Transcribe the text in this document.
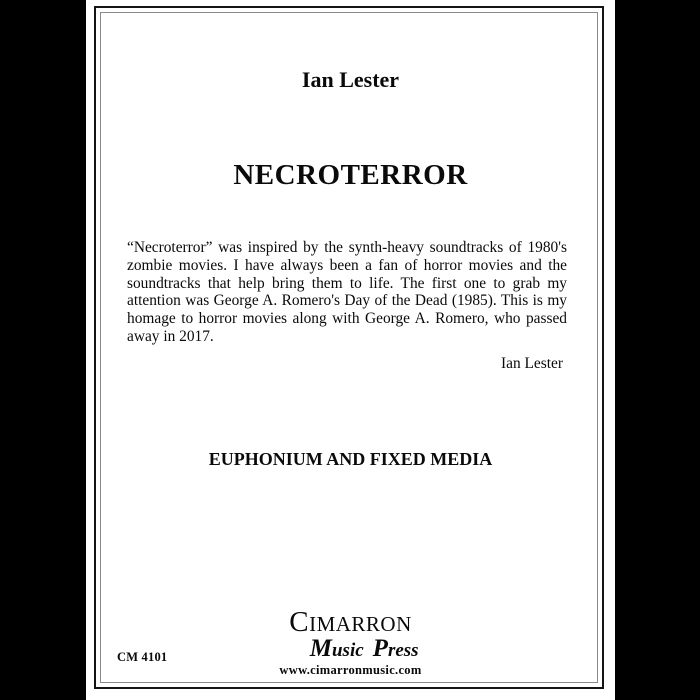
Ian Lester
NECROTERROR
“Necroterror” was inspired by the synth-heavy soundtracks of 1980's
zombie movies. I have always been a fan of horror movies and the
soundtracks that help bring them to life. The first one to grab my
attention was George A. Romero's Day of the Dead (1985). This is my
homage to horror movies along with George A. Romero, who passed
away in 2017.
Ian Lester
EUPHONIUM AND FIXED MEDIA
CIMARRON
Music Press
www.cimarronmusic.com
CM 4101
